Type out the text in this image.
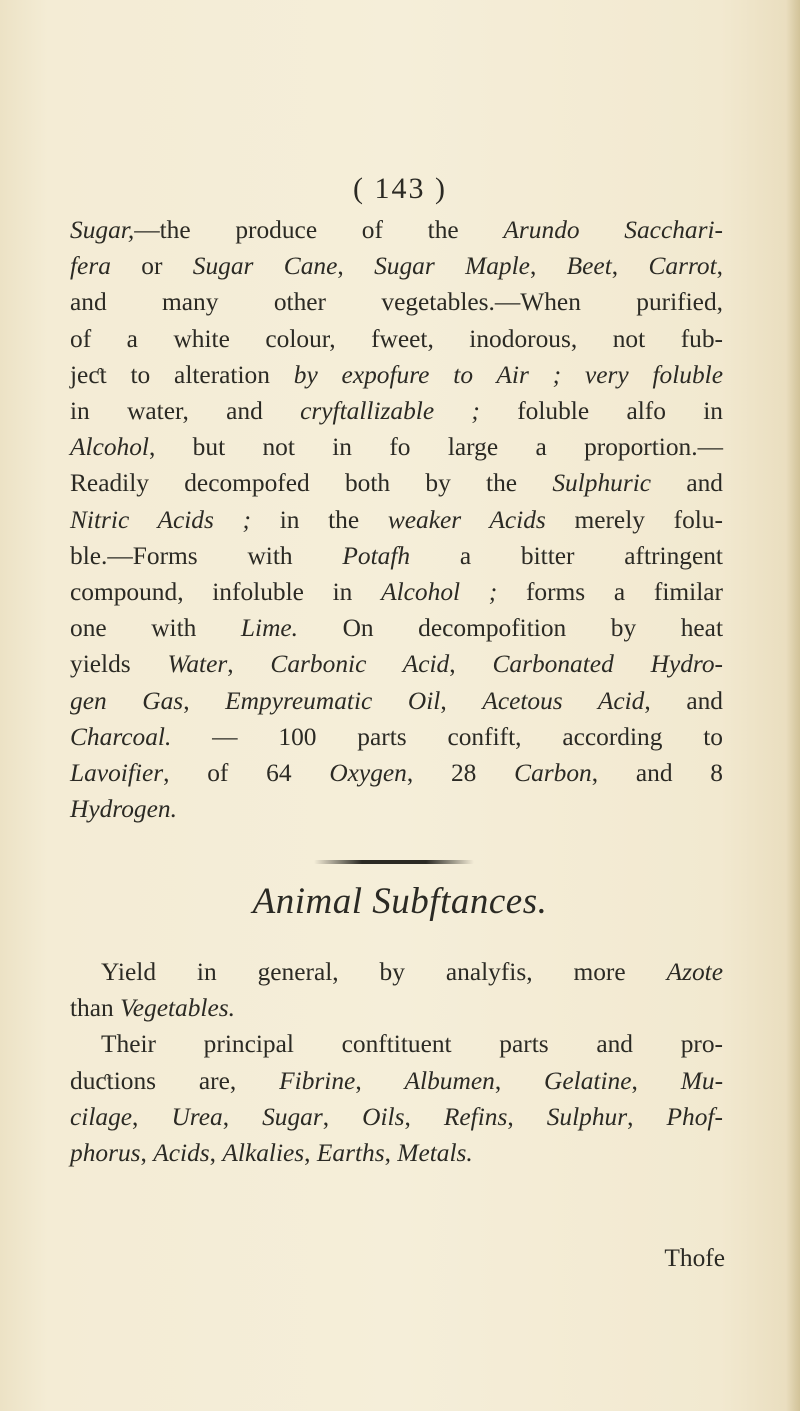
( 143 )
Sugar,—the produce of the Arundo Sacchari-
fera or Sugar Cane, Sugar Maple, Beet, Carrot,
and many other vegetables.—When purified,
of a white colour, fweet, inodorous, not fub-
jeƈt to alteration by expofure to Air ; very foluble
in water, and cryftallizable ; foluble alfo in
Alcohol, but not in fo large a proportion.—
Readily decompofed both by the Sulphuric and
Nitric Acids ; in the weaker Acids merely folu-
ble.—Forms with Potafh a bitter aftringent
compound, infoluble in Alcohol ; forms a fimilar
one with Lime. On decompofition by heat
yields Water, Carbonic Acid, Carbonated Hydro-
gen Gas, Empyreumatic Oil, Acetous Acid, and
Charcoal. — 100 parts confift, according to
Lavoifier, of 64 Oxygen, 28 Carbon, and 8
Hydrogen.
Animal Subftances.
Yield in general, by analyfis, more Azote
than Vegetables.
Their principal conftituent parts and pro-
duƈtions are, Fibrine, Albumen, Gelatine, Mu-
cilage, Urea, Sugar, Oils, Refins, Sulphur, Phof-
phorus, Acids, Alkalies, Earths, Metals.
Thofe
